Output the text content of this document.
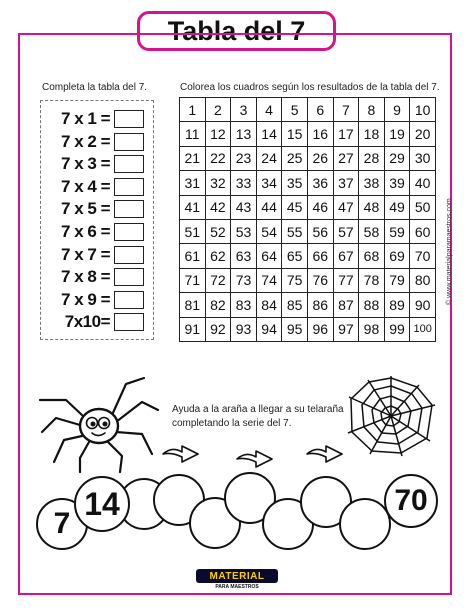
Tabla del 7
Completa la tabla del 7.	Colorea los cuadros según los resultados de la tabla del 7.
7 x 1 =
7 x 2 =
7 x 3 =
7 x 4 =
7 x 5 =
7 x 6 =
7 x 7 =
7 x 8 =
7 x 9 =
7x10=
1	2	3	4	5	6	7	8	9	10
11	12	13	14	15	16	17	18	19	20
21	22	23	24	25	26	27	28	29	30
31	32	33	34	35	36	37	38	39	40
41	42	43	44	45	46	47	48	49	50
51	52	53	54	55	56	57	58	59	60
61	62	63	64	65	66	67	68	69	70
71	72	73	74	75	76	77	78	79	80
81	82	83	84	85	86	87	88	89	90
91	92	93	94	95	96	97	98	99	100
© www.materialparamaestros.com
Ayuda a la araña a llegar a su telaraña
completando la serie del 7.
7
14	70
MATERIAL
PARA MAESTROS
